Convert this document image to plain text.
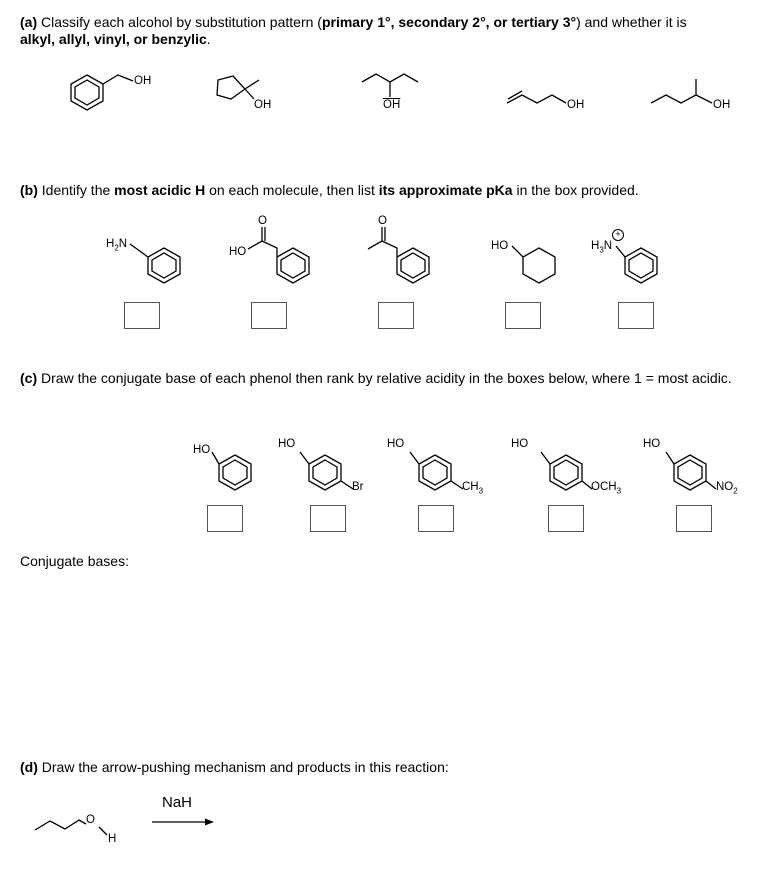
(a) Classify each alcohol by substitution pattern (primary 1°, secondary 2°, or tertiary 3°) and whether it is
alkyl, allyl, vinyl, or benzylic.
OH
OH	$\overline{OH}$	OH	OH
(b) Identify the most acidic H on each molecule, then list its approximate pKa in the box provided.
$H_2N$
HO
O	O
HO	$H_3N$
+
(c) Draw the conjugate base of each phenol then rank by relative acidity in the boxes below, where 1 = most acidic.
HO	HO
Br
HO
$CH_3$
HO
$OCH_3$
HO
$NO_2$
Conjugate bases:
(d) Draw the arrow-pushing mechanism and products in this reaction:
O
H
NaH
